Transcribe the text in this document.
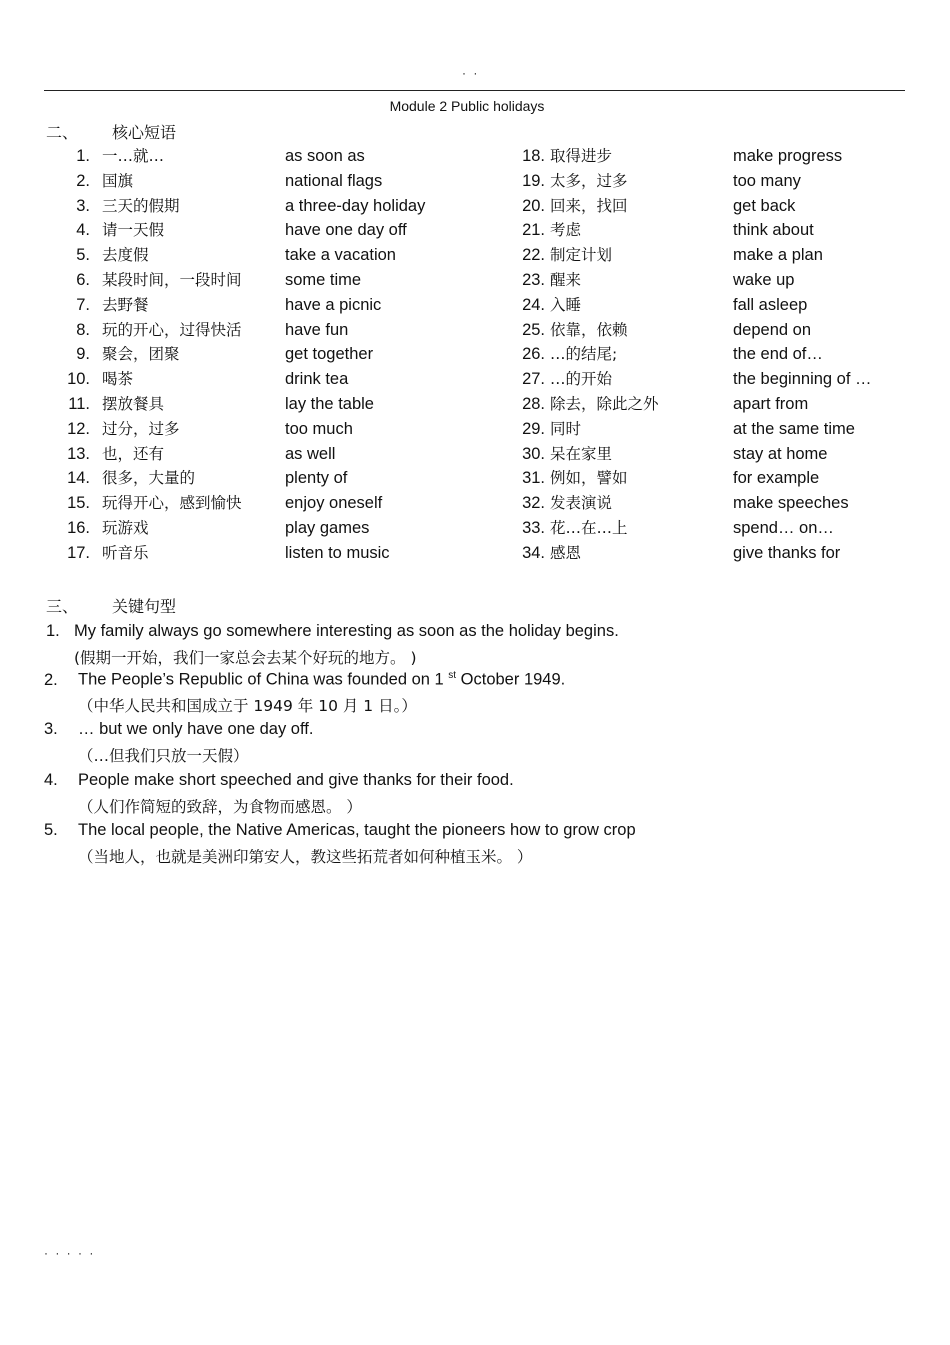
· ·
Module 2 Public holidays
二、 核心短语
1. 一…就…	as soon as
2. 国旗	national flags
3. 三天的假期	a three-day holiday
4. 请一天假	have one day off
5. 去度假	take a vacation
6. 某段时间，一段时间	some time
7. 去野餐	have a picnic
8. 玩的开心，过得快活	have fun
9. 聚会，团聚	get together
10. 喝茶	drink tea
11. 摆放餐具	lay the table
12. 过分，过多	too much
13. 也，还有	as well
14. 很多，大量的	plenty of
15. 玩得开心，感到愉快	enjoy oneself
16. 玩游戏	play games
17. 听音乐	listen to music
18. 取得进步	make progress
19. 太多，过多	too many
20. 回来，找回	get back
21. 考虑	think about
22. 制定计划	make a plan
23. 醒来	wake up
24. 入睡	fall asleep
25. 依靠，依赖	depend on
26. …的结尾;	the end of…
27. …的开始	the beginning of …
28. 除去，除此之外	apart from
29. 同时	at the same time
30. 呆在家里	stay at home
31. 例如，譬如	for example
32. 发表演说	make speeches
33. 花…在…上	spend… on…
34. 感恩	give thanks for
三、 关键句型
1. My family always go somewhere interesting as soon as the holiday begins.
(假期一开始，我们一家总会去某个好玩的地方。 )
2. The People’s Republic of China was founded on 1 $^{st}$ October 1949.
（中华人民共和国成立于 1949 年 10 月 1 日。）
3. … but we only have one day off.
（…但我们只放一天假）
4. People make short speeched and give thanks for their food.
（人们作简短的致辞，为食物而感恩。 ）
5. The local people, the Native Americas, taught the pioneers how to grow crop
（当地人，也就是美洲印第安人，教这些拓荒者如何种植玉米。 ）
· · · · ·
